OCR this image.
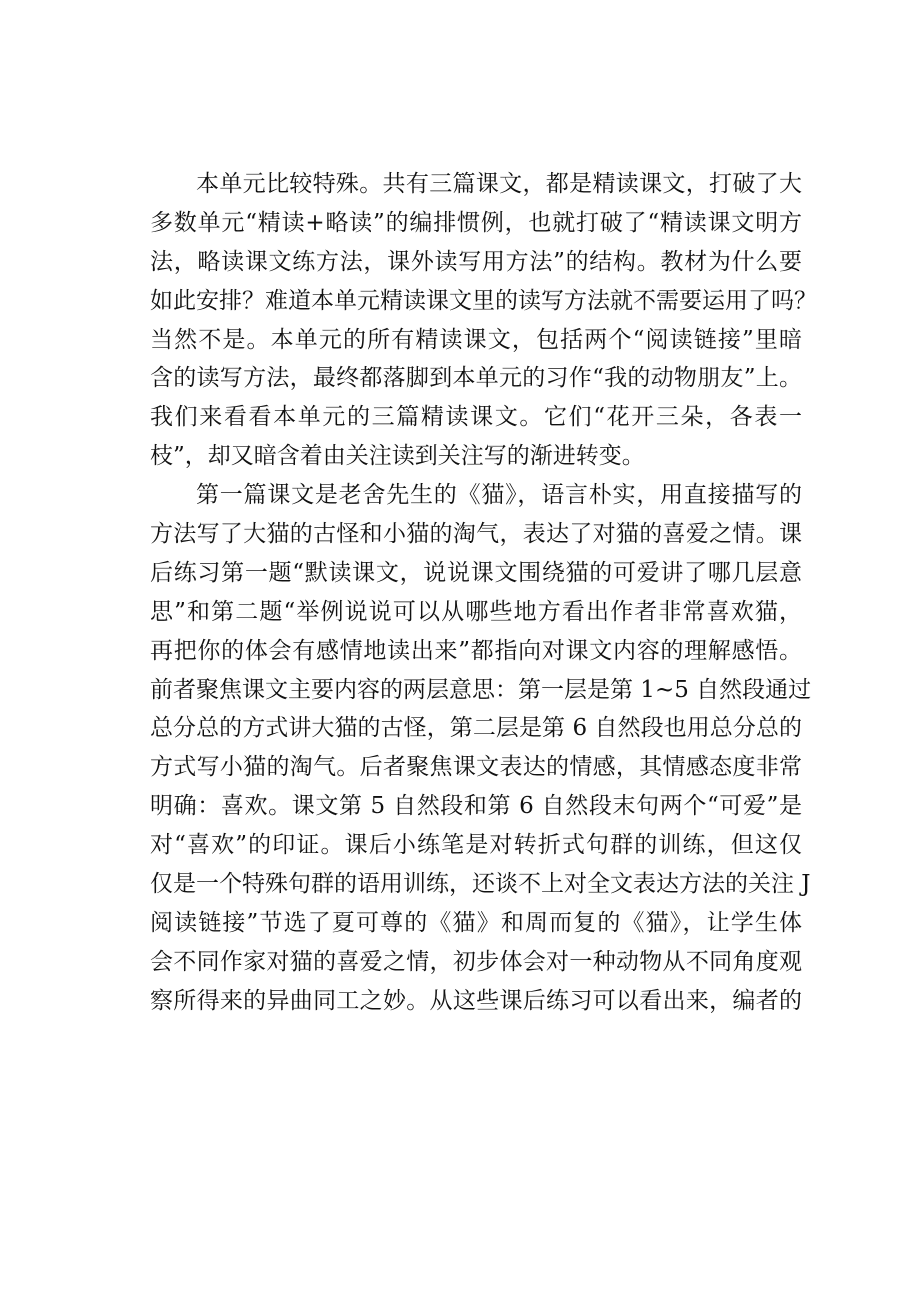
本单元比较特殊。共有三篇课文，都是精读课文，打破了大
多数单元“精读+略读”的编排惯例，也就打破了“精读课文明方
法，略读课文练方法，课外读写用方法”的结构。教材为什么要
如此安排？难道本单元精读课文里的读写方法就不需要运用了吗？
当然不是。本单元的所有精读课文，包括两个“阅读链接”里暗
含的读写方法，最终都落脚到本单元的习作“我的动物朋友”上。
我们来看看本单元的三篇精读课文。它们“花开三朵，各表一
枝”，却又暗含着由关注读到关注写的渐进转变。
第一篇课文是老舍先生的《猫》，语言朴实，用直接描写的
方法写了大猫的古怪和小猫的淘气，表达了对猫的喜爱之情。课
后练习第一题“默读课文，说说课文围绕猫的可爱讲了哪几层意
思”和第二题“举例说说可以从哪些地方看出作者非常喜欢猫，
再把你的体会有感情地读出来”都指向对课文内容的理解感悟。
前者聚焦课文主要内容的两层意思：第一层是第 1~5 自然段通过
总分总的方式讲大猫的古怪，第二层是第 6 自然段也用总分总的
方式写小猫的淘气。后者聚焦课文表达的情感，其情感态度非常
明确：喜欢。课文第 5 自然段和第 6 自然段末句两个“可爱”是
对“喜欢”的印证。课后小练笔是对转折式句群的训练，但这仅
仅是一个特殊句群的语用训练，还谈不上对全文表达方法的关注 J
阅读链接”节选了夏可尊的《猫》和周而复的《猫》，让学生体
会不同作家对猫的喜爱之情，初步体会对一种动物从不同角度观
察所得来的异曲同工之妙。从这些课后练习可以看出来，编者的
